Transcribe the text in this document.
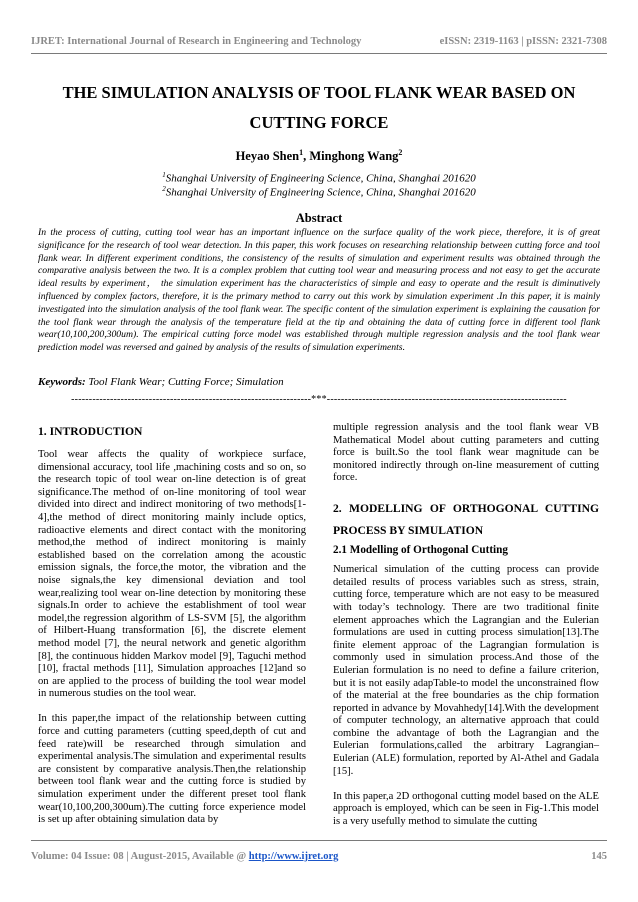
IJRET: International Journal of Research in Engineering and Technology	eISSN: 2319-1163 | pISSN: 2321-7308
THE SIMULATION ANALYSIS OF TOOL FLANK WEAR BASED ON CUTTING FORCE
Heyao Shen$^1$, Minghong Wang$^2$
$^1$Shanghai University of Engineering Science, China, Shanghai 201620
$^2$Shanghai University of Engineering Science, China, Shanghai 201620
Abstract
In the process of cutting, cutting tool wear has an important influence on the surface quality of the work piece, therefore, it is of great significance for the research of tool wear detection. In this paper, this work focuses on researching relationship between cutting force and tool flank wear. In different experiment conditions, the consistency of the results of simulation and experiment results was obtained through the comparative analysis between the two. It is a complex problem that cutting tool wear and measuring process and not easy to get the accurate ideal results by experiment， the simulation experiment has the characteristics of simple and easy to operate and the result is diminutively influenced by complex factors, therefore, it is the primary method to carry out this work by simulation experiment .In this paper, it is mainly investigated into the simulation analysis of the tool flank wear. The specific content of the simulation experiment is explaining the causation for the tool flank wear through the analysis of the temperature field at the tip and obtaining the data of cutting force in different tool flank wear(10,100,200,300um). The empirical cutting force model was established through multiple regression analysis and the tool flank wear prediction model was reversed and gained by analysis of the results of simulation experiments.
Keywords: Tool Flank Wear; Cutting Force; Simulation
--------------------------------------------------------------------***--------------------------------------------------------------------
1. INTRODUCTION

Tool wear affects the quality of workpiece surface, dimensional accuracy, tool life ,machining costs and so on, so the research topic of tool wear on-line detection is of great significance.The method of on-line monitoring of tool wear divided into direct and indirect monitoring of two methods[1-4],the method of direct monitoring mainly include optics, radioactive elements and direct contact with the monitoring method,the method of indirect monitoring is mainly established based on the correlation among the acoustic emission signals, the force,the motor, the vibration and the noise signals,the key dimensional deviation and tool wear,realizing tool wear on-line detection by monitoring these signals.In order to achieve the establishment of tool wear model,the regression algorithm of LS-SVM [5], the algorithm of Hilbert-Huang transformation [6], the discrete element method model [7], the neural network and genetic algorithm [8], the continuous hidden Markov model [9], Taguchi method [10], fractal methods [11], Simulation approaches [12]and so on are applied to the process of building the tool wear model in numerous studies on the tool wear.

In this paper,the impact of the relationship between cutting force and cutting parameters (cutting speed,depth of cut and feed rate)will be researched through simulation and experimental analysis.The simulation and experimental results are consistent by comparative analysis.Then,the relationship between tool flank wear and the cutting force is studied by simulation experiment under the different preset tool flank wear(10,100,200,300um).The cutting force experience model is set up after obtaining simulation data by

multiple regression analysis and the tool flank wear VB Mathematical Model about cutting parameters and cutting force is built.So the tool flank wear magnitude can be monitored indirectly through on-line measurement of cutting force.

2. MODELLING OF ORTHOGONAL CUTTING PROCESS BY SIMULATION
2.1 Modelling of Orthogonal Cutting

Numerical simulation of the cutting process can provide detailed results of process variables such as stress, strain, cutting force, temperature which are not easy to be measured with today’s technology. There are two traditional finite element approaches which the Lagrangian and the Eulerian formulations are used in cutting process simulation[13].The finite element approac of the Lagrangian formulation is commonly used in simulation process.And those of the Eulerian formulation is no need to define a failure criterion, but it is not easily adapTable-to model the unconstrained flow of the material at the free boundaries as the chip formation reported in advance by Movahhedy[14].With the development of computer technology, an alternative approach that could combine the advantage of both the Lagrangian and the Eulerian formulations,called the arbitrary Lagrangian–Eulerian (ALE) formulation, reported by Al-Athel and Gadala [15].

In this paper,a 2D orthogonal cutting model based on the ALE approach is employed, which can be seen in Fig-1.This model is a very usefully method to simulate the cutting

Volume: 04 Issue: 08 | August-2015, Available @ http://www.ijret.org	145
